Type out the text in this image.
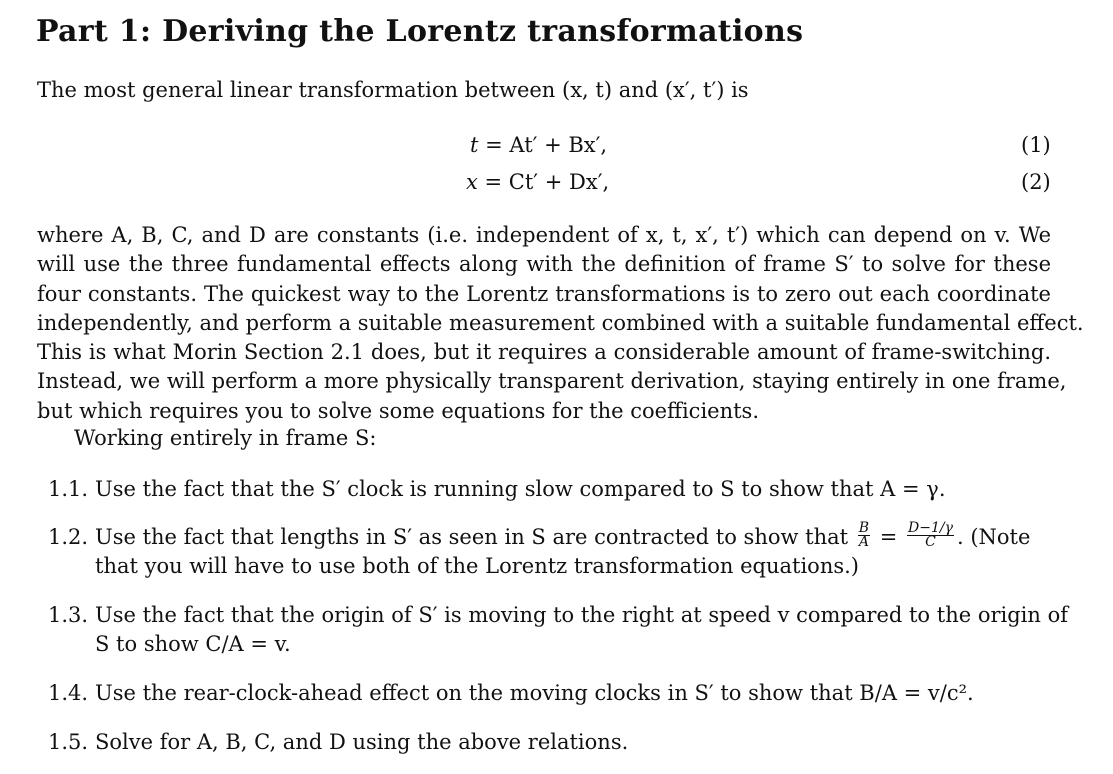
Part 1: Deriving the Lorentz transformations
The most general linear transformation between (x, t) and (x′, t′) is
t = At′ + Bx′,	(1)
x = Ct′ + Dx′,	(2)
where A, B, C, and D are constants (i.e. independent of x, t, x′, t′) which can depend on v. We
will use the three fundamental effects along with the definition of frame S′ to solve for these
four constants. The quickest way to the Lorentz transformations is to zero out each coordinate
independently, and perform a suitable measurement combined with a suitable fundamental effect.
This is what Morin Section 2.1 does, but it requires a considerable amount of frame-switching.
Instead, we will perform a more physically transparent derivation, staying entirely in one frame,
but which requires you to solve some equations for the coefficients.
Working entirely in frame S:
1.1. Use the fact that the S′ clock is running slow compared to S to show that A = γ.
1.2. Use the fact that lengths in S′ as seen in S are contracted to show that $\frac{B}{A} = \frac{D-1/\gamma}{C}$ . (Note
that you will have to use both of the Lorentz transformation equations.)
1.3. Use the fact that the origin of S′ is moving to the right at speed v compared to the origin of
S to show C/A = v.
1.4. Use the rear-clock-ahead effect on the moving clocks in S′ to show that B/A = v/c².
1.5. Solve for A, B, C, and D using the above relations.
